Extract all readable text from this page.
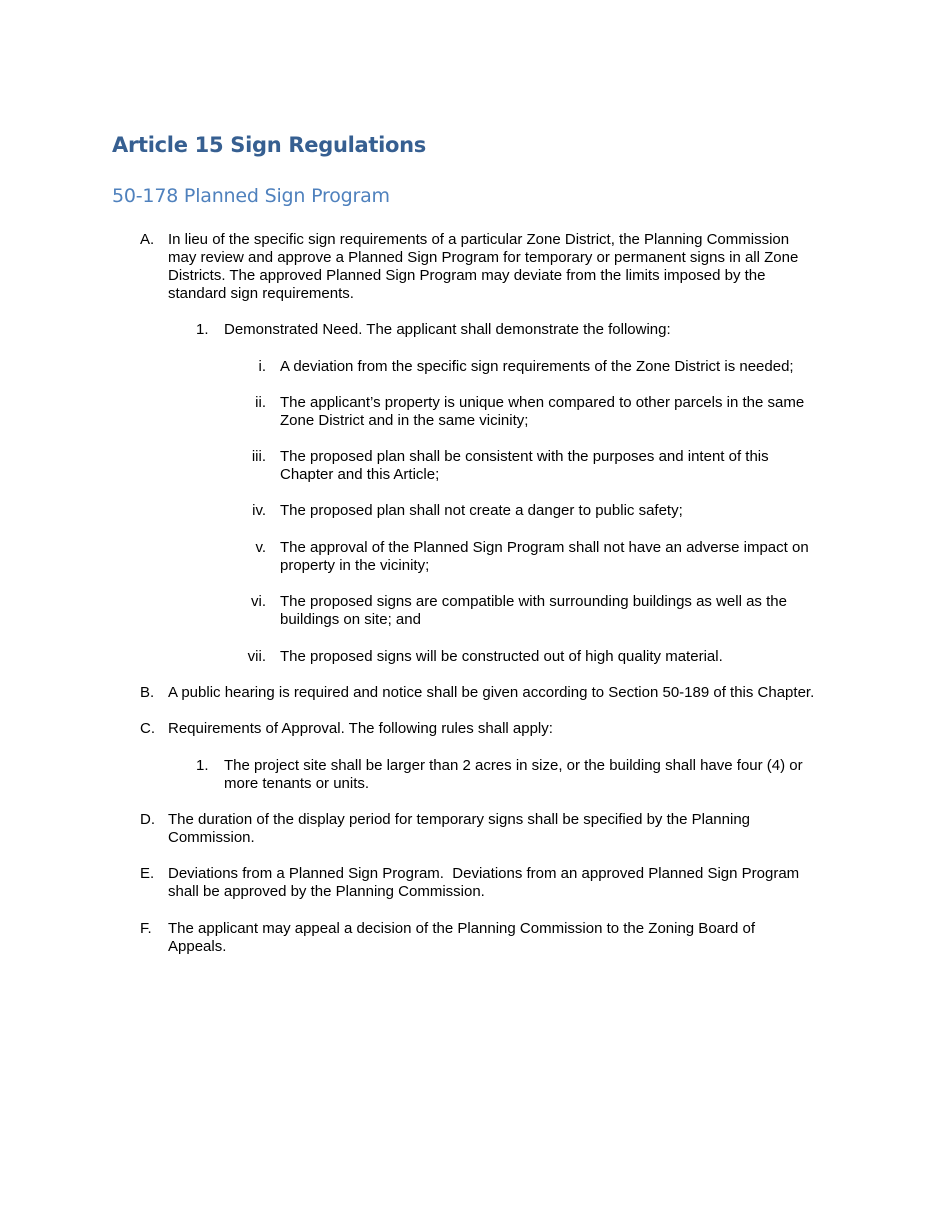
Article 15 Sign Regulations
50-178 Planned Sign Program
A. In lieu of the specific sign requirements of a particular Zone District, the Planning Commission
may review and approve a Planned Sign Program for temporary or permanent signs in all Zone
Districts. The approved Planned Sign Program may deviate from the limits imposed by the
standard sign requirements.
1. Demonstrated Need. The applicant shall demonstrate the following:
i. A deviation from the specific sign requirements of the Zone District is needed;
ii. The applicant’s property is unique when compared to other parcels in the same
Zone District and in the same vicinity;
iii. The proposed plan shall be consistent with the purposes and intent of this
Chapter and this Article;
iv. The proposed plan shall not create a danger to public safety;
v. The approval of the Planned Sign Program shall not have an adverse impact on
property in the vicinity;
vi. The proposed signs are compatible with surrounding buildings as well as the
buildings on site; and
vii. The proposed signs will be constructed out of high quality material.
B. A public hearing is required and notice shall be given according to Section 50-189 of this Chapter.
C. Requirements of Approval. The following rules shall apply:
1. The project site shall be larger than 2 acres in size, or the building shall have four (4) or
more tenants or units.
D. The duration of the display period for temporary signs shall be specified by the Planning
Commission.
E. Deviations from a Planned Sign Program.  Deviations from an approved Planned Sign Program
shall be approved by the Planning Commission.
F. The applicant may appeal a decision of the Planning Commission to the Zoning Board of
Appeals.
